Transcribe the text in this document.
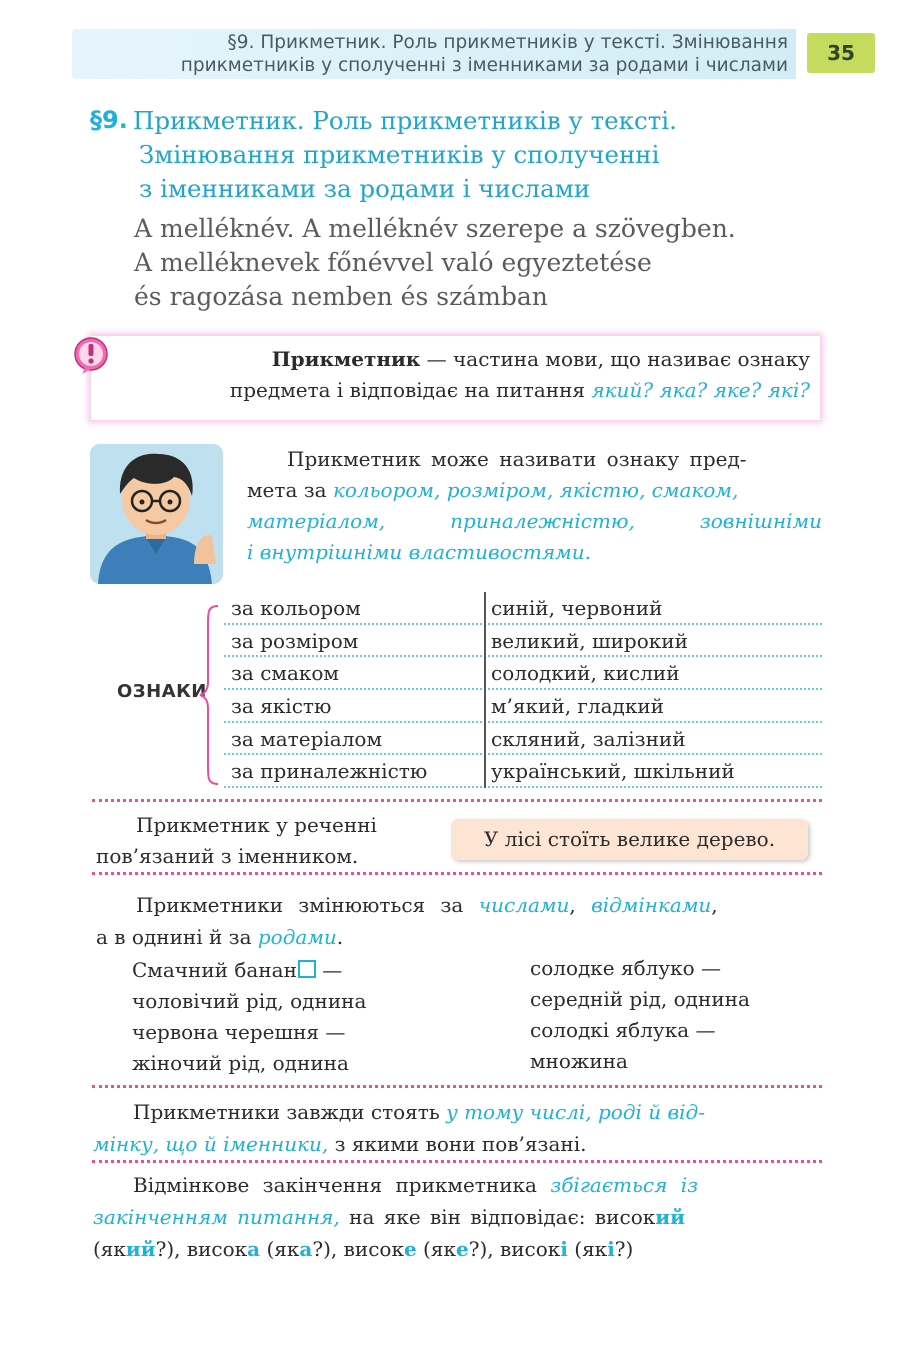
§9. Прикметник. Роль прикметників у тексті. Змінювання
прикметників у сполученні з іменниками за родами і числами
35
§9. Прикметник. Роль прикметників у тексті.
Змінювання прикметників у сполученні
з іменниками за родами і числами
A melléknév. A melléknév szerepe a szövegben.
A melléknevek főnévvel való egyeztetése
és ragozása nemben és számban
Прикметник — частина мови, що називає ознаку
предмета і відповідає на питання який? яка? яке? які?
Прикметник може називати ознаку пред-
мета за кольором, розміром, якістю, смаком,
матеріалом,	приналежністю,	зовнішніми
і внутрішніми властивостями.
ОЗНАКИ
за кольором	синій, червоний
за розміром	великий, широкий
за смаком	солодкий, кислий
за якістю	м’який, гладкий
за матеріалом	скляний, залізний
за приналежністю	український, шкільний
Прикметник у реченні
пов’язаний з іменником.
У лісі стоїть велике дерево.
Прикметники змінюються за числами, відмінками,
а в однині й за родами.
Смачний банан —
чоловічий рід, однина
червона черешня —
жіночий рід, однина
солодке яблуко —
середній рід, однина
солодкі яблука —
множина
Прикметники завжди стоять у тому числі, роді й від-
мінку, що й іменники, з якими вони пов’язані.
Відмінкове закінчення прикметника збігається із
закінченням питання, на яке він відповідає: високий
(який?), висока (яка?), високе (яке?), високі (які?)
